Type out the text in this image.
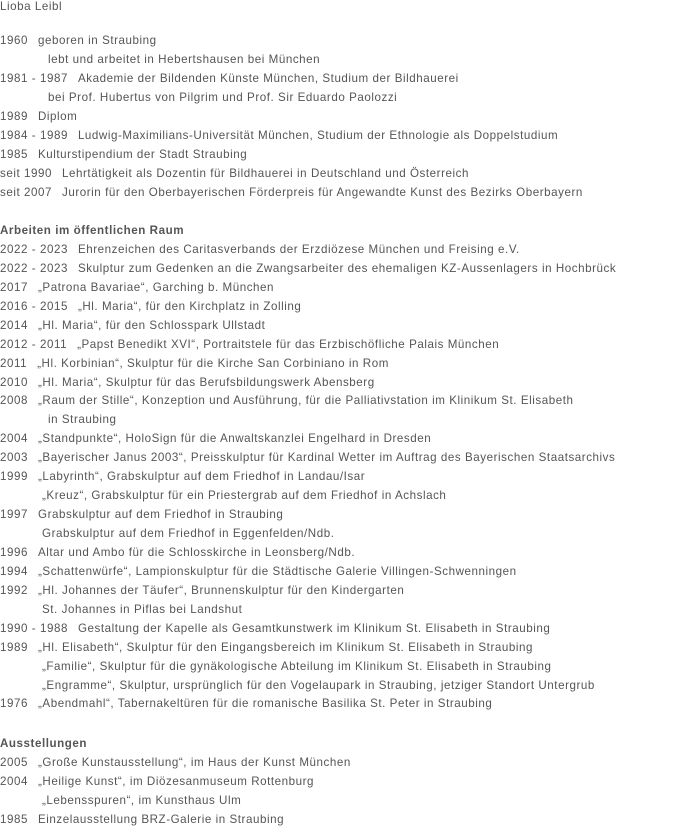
Lioba Leibl
1960 geboren in Straubing
lebt und arbeitet in Hebertshausen bei München
1981 - 1987 Akademie der Bildenden Künste München, Studium der Bildhauerei
bei Prof. Hubertus von Pilgrim und Prof. Sir Eduardo Paolozzi
1989 Diplom
1984 - 1989 Ludwig-Maximilians-Universität München, Studium der Ethnologie als Doppelstudium
1985 Kulturstipendium der Stadt Straubing
seit 1990 Lehrtätigkeit als Dozentin für Bildhauerei in Deutschland und Österreich
seit 2007 Jurorin für den Oberbayerischen Förderpreis für Angewandte Kunst des Bezirks Oberbayern
Arbeiten im öffentlichen Raum
2022 - 2023 Ehrenzeichen des Caritasverbands der Erzdiözese München und Freising e.V.
2022 - 2023 Skulptur zum Gedenken an die Zwangsarbeiter des ehemaligen KZ-Aussenlagers in Hochbrück
2017 „Patrona Bavariae“, Garching b. München
2016 - 2015 „Hl. Maria“, für den Kirchplatz in Zolling
2014 „Hl. Maria“, für den Schlosspark Ullstadt
2012 - 2011 „Papst Benedikt XVI“, Portraitstele für das Erzbischöfliche Palais München
2011 „Hl. Korbinian“, Skulptur für die Kirche San Corbiniano in Rom
2010 „Hl. Maria“, Skulptur für das Berufsbildungswerk Abensberg
2008 „Raum der Stille“, Konzeption und Ausführung, für die Palliativstation im Klinikum St. Elisabeth
in Straubing
2004 „Standpunkte“, HoloSign für die Anwaltskanzlei Engelhard in Dresden
2003 „Bayerischer Janus 2003“, Preisskulptur für Kardinal Wetter im Auftrag des Bayerischen Staatsarchivs
1999 „Labyrinth“, Grabskulptur auf dem Friedhof in Landau/Isar
„Kreuz“, Grabskulptur für ein Priestergrab auf dem Friedhof in Achslach
1997 Grabskulptur auf dem Friedhof in Straubing
Grabskulptur auf dem Friedhof in Eggenfelden/Ndb.
1996 Altar und Ambo für die Schlosskirche in Leonsberg/Ndb.
1994 „Schattenwürfe“, Lampionskulptur für die Städtische Galerie Villingen-Schwenningen
1992 „Hl. Johannes der Täufer“, Brunnenskulptur für den Kindergarten
St. Johannes in Piflas bei Landshut
1990 - 1988 Gestaltung der Kapelle als Gesamtkunstwerk im Klinikum St. Elisabeth in Straubing
1989 „Hl. Elisabeth“, Skulptur für den Eingangsbereich im Klinikum St. Elisabeth in Straubing
„Familie“, Skulptur für die gynäkologische Abteilung im Klinikum St. Elisabeth in Straubing
„Engramme“, Skulptur, ursprünglich für den Vogelaupark in Straubing, jetziger Standort Untergrub
1976 „Abendmahl“, Tabernakeltüren für die romanische Basilika St. Peter in Straubing
Ausstellungen
2005 „Große Kunstausstellung“, im Haus der Kunst München
2004 „Heilige Kunst“, im Diözesanmuseum Rottenburg
„Lebensspuren“, im Kunsthaus Ulm
1985 Einzelausstellung BRZ-Galerie in Straubing
